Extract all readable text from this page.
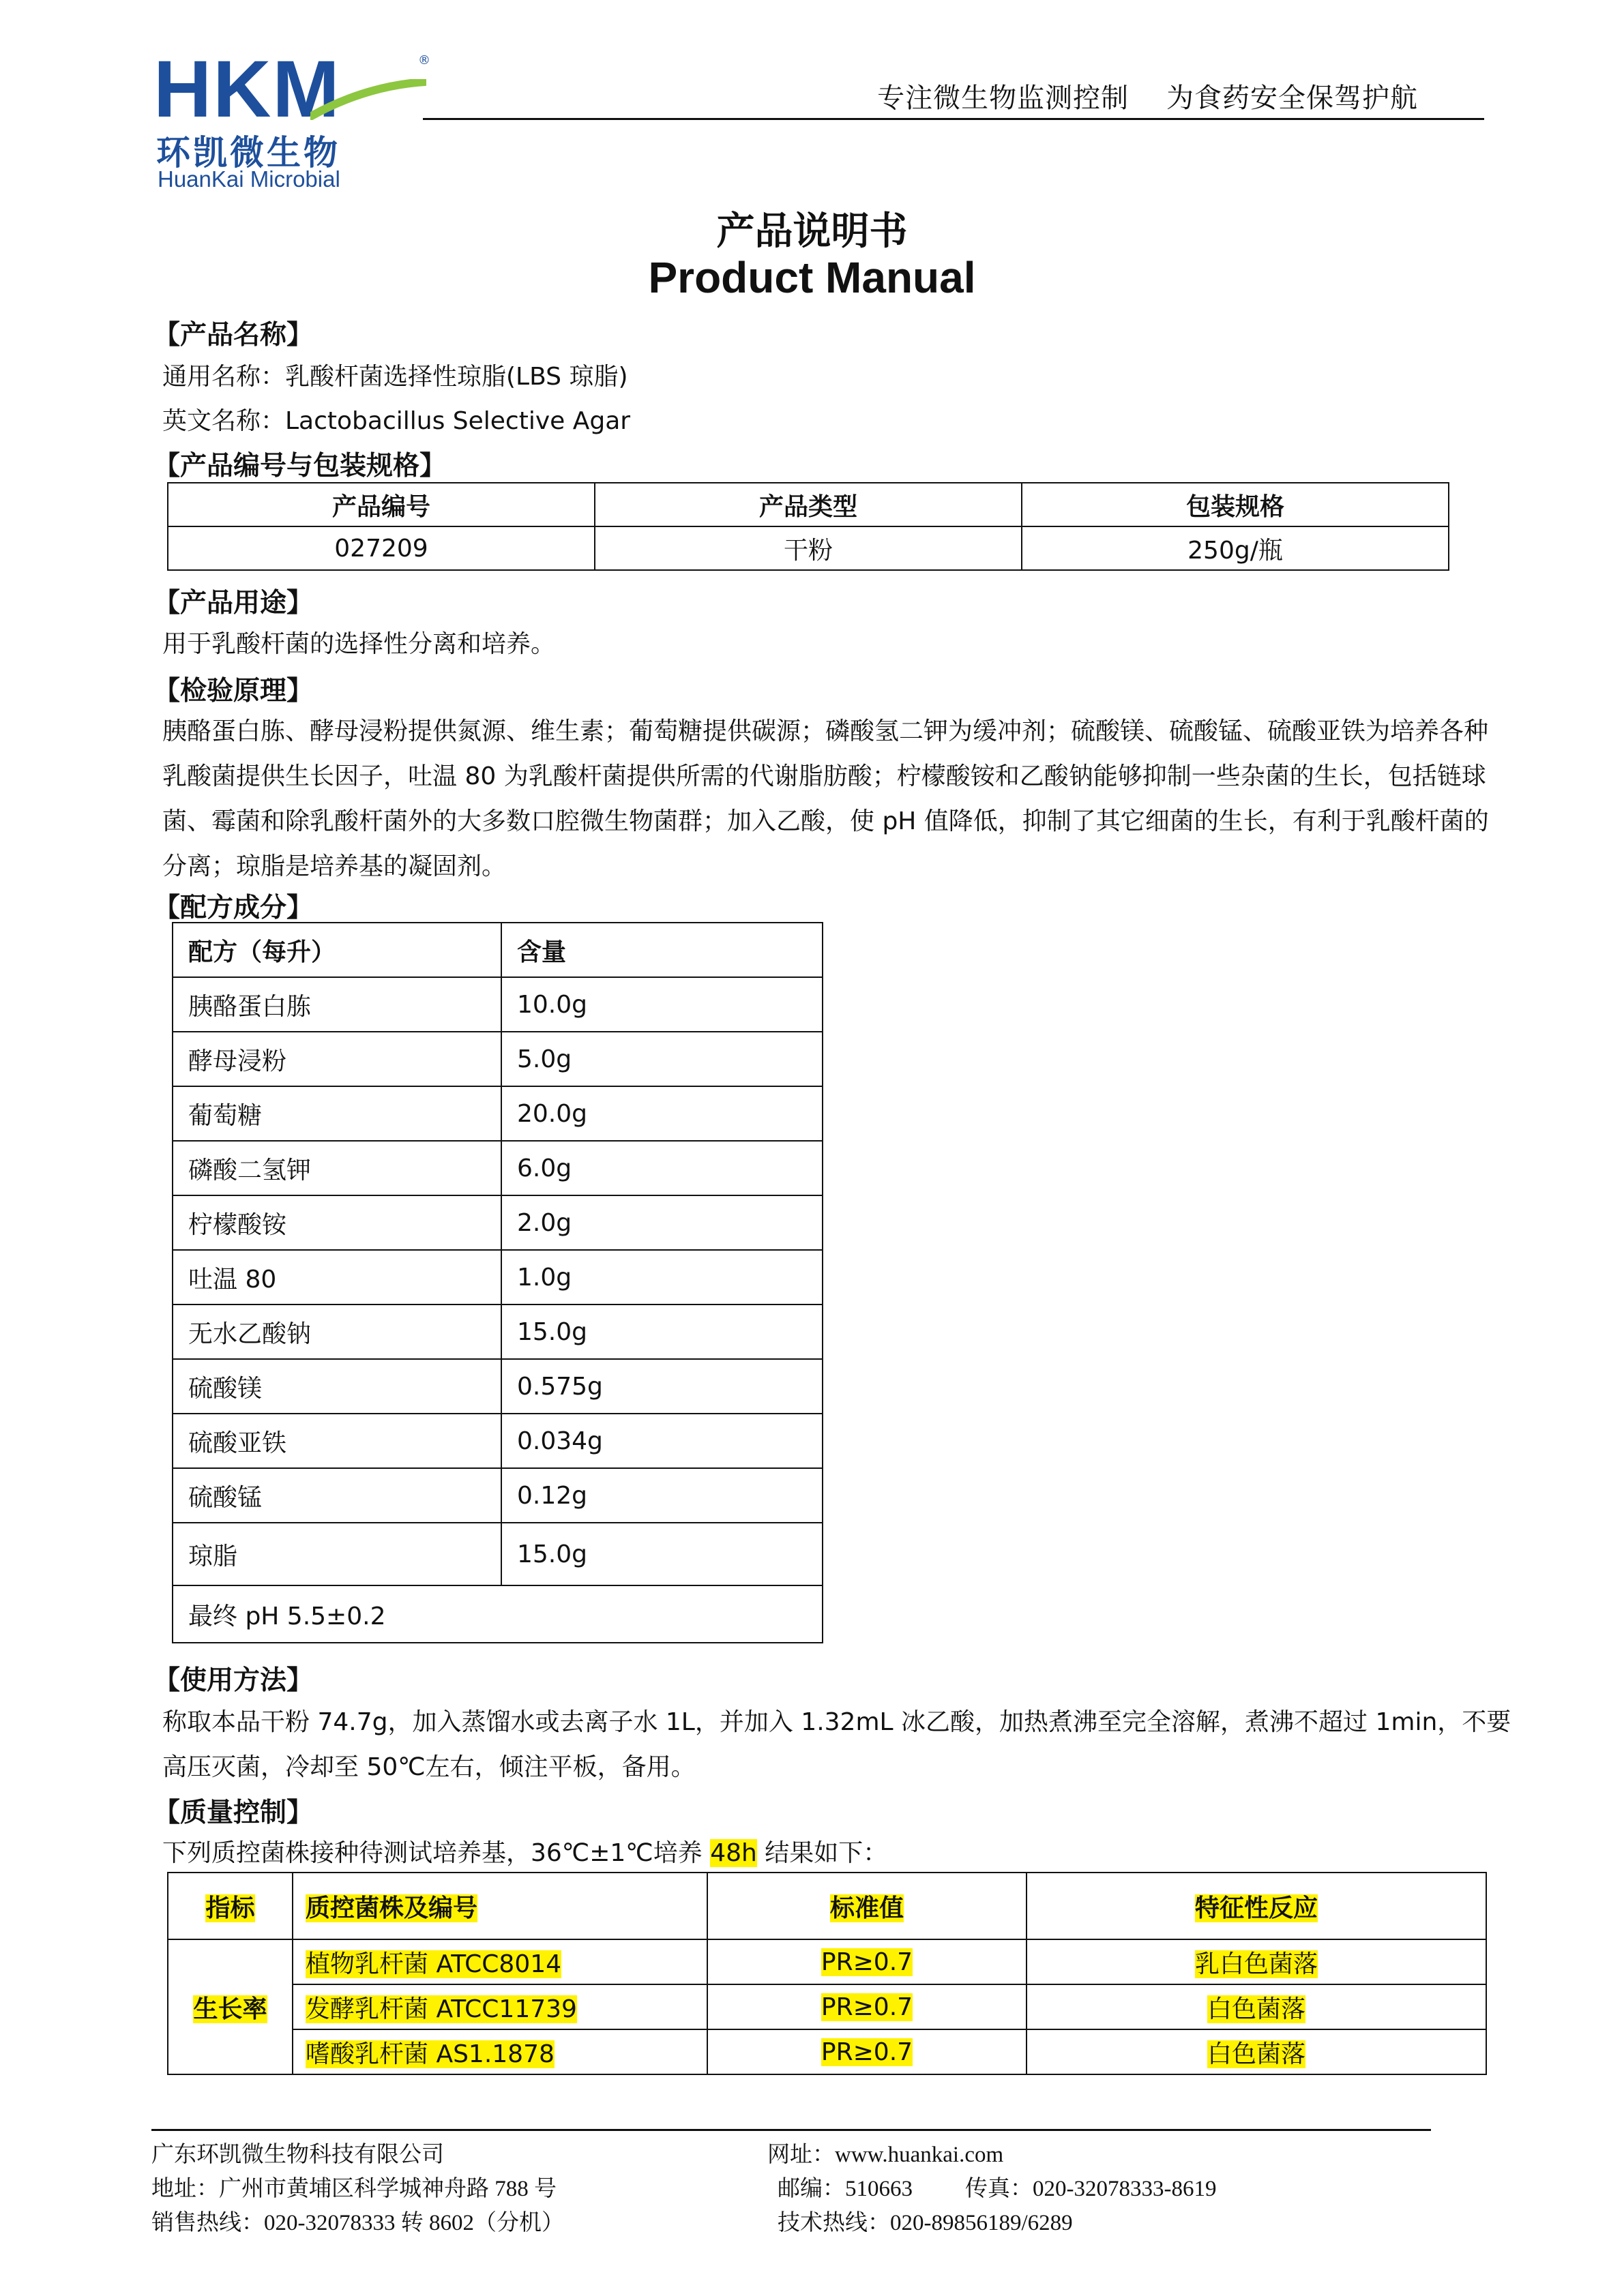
HKM	®
环凯微生物
HuanKai Microbial
专注微生物监测控制    为食药安全保驾护航
产品说明书
Product Manual
【产品名称】
通用名称：乳酸杆菌选择性琼脂(LBS 琼脂)
英文名称：Lactobacillus Selective Agar
【产品编号与包装规格】
产品编号	产品类型	包装规格
027209	干粉	250g/瓶
【产品用途】
用于乳酸杆菌的选择性分离和培养。
【检验原理】
胰酪蛋白胨、酵母浸粉提供氮源、维生素；葡萄糖提供碳源；磷酸氢二钾为缓冲剂；硫酸镁、硫酸锰、硫酸亚铁为培养各种
乳酸菌提供生长因子，吐温 80 为乳酸杆菌提供所需的代谢脂肪酸；柠檬酸铵和乙酸钠能够抑制一些杂菌的生长，包括链球
菌、霉菌和除乳酸杆菌外的大多数口腔微生物菌群；加入乙酸，使 pH 值降低，抑制了其它细菌的生长，有利于乳酸杆菌的
分离；琼脂是培养基的凝固剂。
【配方成分】
配方（每升）	含量
胰酪蛋白胨	10.0g
酵母浸粉	5.0g
葡萄糖	20.0g
磷酸二氢钾	6.0g
柠檬酸铵	2.0g
吐温 80	1.0g
无水乙酸钠	15.0g
硫酸镁	0.575g
硫酸亚铁	0.034g
硫酸锰	0.12g
琼脂	15.0g
最终 pH 5.5±0.2	
【使用方法】
称取本品干粉 74.7g，加入蒸馏水或去离子水 1L，并加入 1.32mL 冰乙酸，加热煮沸至完全溶解，煮沸不超过 1min，不要
高压灭菌，冷却至 50℃左右，倾注平板，备用。
【质量控制】
下列质控菌株接种待测试培养基，36℃±1℃培养 48h 结果如下：
指标	质控菌株及编号	标准值	特征性反应
生长率	植物乳杆菌 ATCC8014	PR≥0.7	乳白色菌落
	发酵乳杆菌 ATCC11739	PR≥0.7	白色菌落
	嗜酸乳杆菌 AS1.1878	PR≥0.7	白色菌落
广东环凯微生物科技有限公司
地址：广州市黄埔区科学城神舟路 788 号
销售热线：020-32078333 转 8602（分机）
网址：www.huankai.com
邮编：510663 传真：020-32078333-8619
技术热线：020-89856189/6289
